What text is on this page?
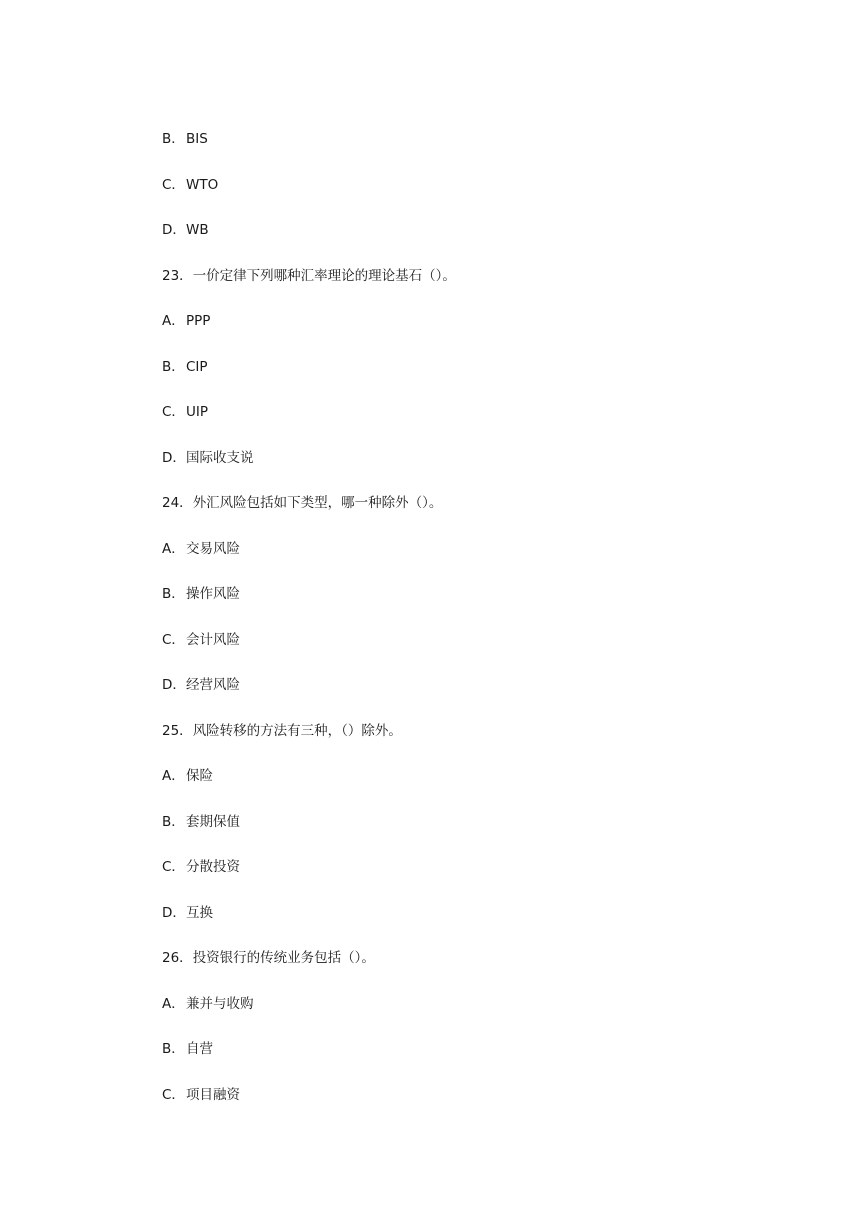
B．BIS
C．WTO
D．WB
23．一价定律下列哪种汇率理论的理论基石（）。
A．PPP
B．CIP
C．UIP
D．国际收支说
24．外汇风险包括如下类型，哪一种除外（）。
A．交易风险
B．操作风险
C．会计风险
D．经营风险
25．风险转移的方法有三种，（）除外。
A．保险
B．套期保值
C．分散投资
D．互换
26．投资银行的传统业务包括（）。
A．兼并与收购
B．自营
C．项目融资
